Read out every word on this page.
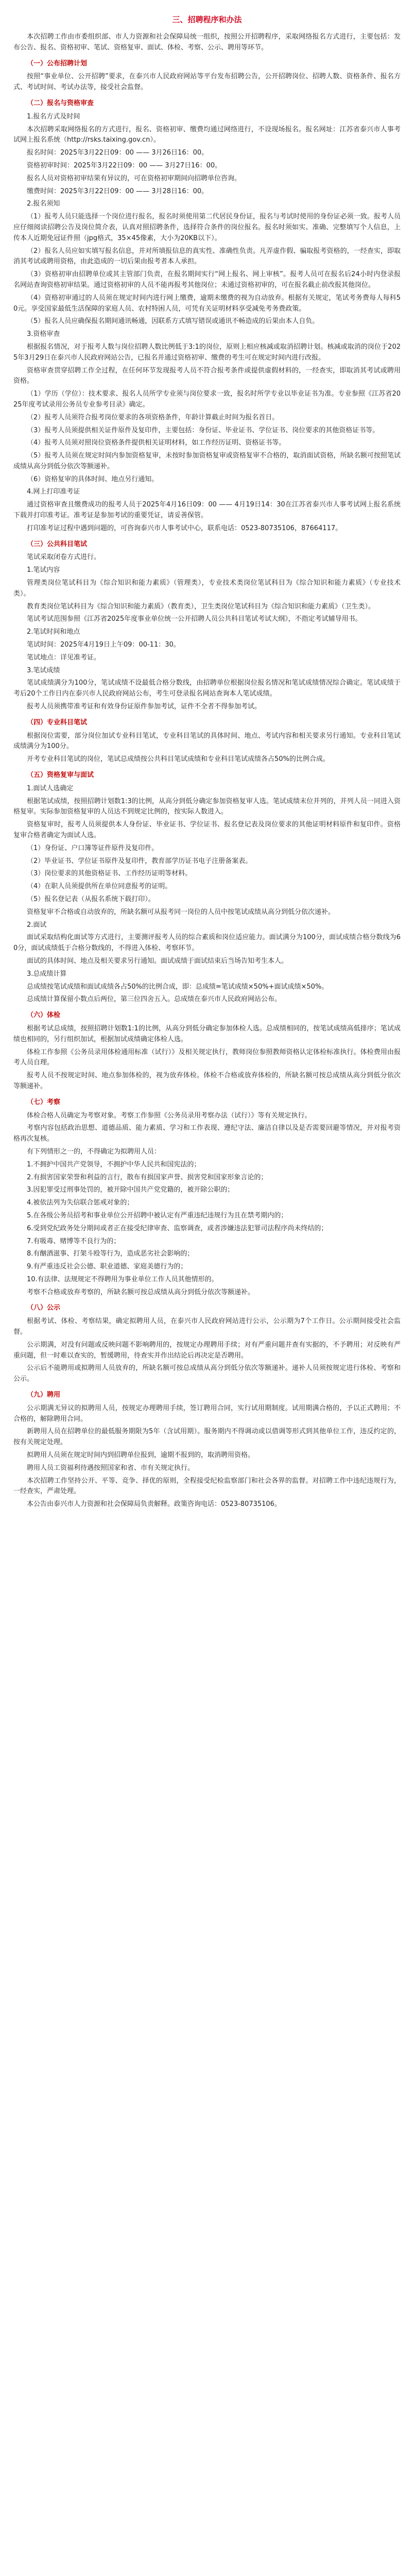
三、招聘程序和办法
本次招聘工作由市委组织部、市人力资源和社会保障局统一组织，按照公开招聘程序，采取网络报名方式进行，主要包括：发布公告、报名、资格初审、笔试、资格复审、面试、体检、考察、公示、聘用等环节。
（一）公布招聘计划
按照“事业单位、公开招聘”要求，在泰兴市人民政府网站等平台发布招聘公告，公开招聘岗位、招聘人数、资格条件、报名方式、考试时间、考试办法等，接受社会监督。
（二）报名与资格审查
1.报名方式及时间
本次招聘采取网络报名的方式进行，报名、资格初审、缴费均通过网络进行，不设现场报名。报名网址：江苏省泰兴市人事考试网上报名系统（http://rsks.taixing.gov.cn）。
报名时间：2025年3月22日09：00 —— 3月26日16：00。
资格初审时间：2025年3月22日09：00 —— 3月27日16：00。
报名人员对资格初审结果有异议的，可在资格初审期间向招聘单位咨询。
缴费时间：2025年3月22日09：00 —— 3月28日16：00。
2.报名须知
（1）报考人员只能选择一个岗位进行报名，报名时须使用第二代居民身份证，报名与考试时使用的身份证必须一致。报考人员应仔细阅读招聘公告及岗位简介表，认真对照招聘条件，选择符合条件的岗位报名。报名时须如实、准确、完整填写个人信息，上传本人近期免冠证件照（jpg格式，35×45像素，大小为20KB以下）。
（2）报名人员应如实填写报名信息，并对所填报信息的真实性、准确性负责。凡弄虚作假、骗取报考资格的，一经查实，即取消其考试或聘用资格，由此造成的一切后果由报考者本人承担。
（3）资格初审由招聘单位或其主管部门负责，在报名期间实行“网上报名、网上审核”。报考人员可在报名后24小时内登录报名网站查询资格初审结果。通过资格初审的人员不能再报考其他岗位；未通过资格初审的，可在报名截止前改报其他岗位。
（4）资格初审通过的人员须在规定时间内进行网上缴费，逾期未缴费的视为自动放弃。根据有关规定，笔试考务费每人每科50元。享受国家最低生活保障的家庭人员、农村特困人员，可凭有关证明材料享受减免考务费政策。
（5）报名人员应确保报名期间通讯畅通，因联系方式填写错误或通讯不畅造成的后果由本人自负。
3.资格审查
根据报名情况，对于报考人数与岗位招聘人数比例低于3:1的岗位，原则上相应核减或取消招聘计划。核减或取消的岗位于2025年3月29日在泰兴市人民政府网站公告，已报名并通过资格初审、缴费的考生可在规定时间内进行改报。
资格审查贯穿招聘工作全过程，在任何环节发现报考人员不符合报考条件或提供虚假材料的，一经查实，即取消其考试或聘用资格。
（1）学历（学位）：技术要求、报名人员所学专业须与岗位要求一致，报名时所学专业以毕业证书为准。专业参照《江苏省2025年度考试录用公务员专业参考目录》确定。
（2）报考人员须符合报考岗位要求的各项资格条件，年龄计算截止时间为报名首日。
（3）报考人员须提供相关证件原件及复印件，主要包括：身份证、毕业证书、学位证书、岗位要求的其他资格证书等。
（4）报考人员须对照岗位资格条件提供相关证明材料，如工作经历证明、资格证书等。
（5）报考人员须在规定时间内参加资格复审，未按时参加资格复审或资格复审不合格的，取消面试资格，所缺名额可按照笔试成绩从高分到低分依次等额递补。
（6）资格复审的具体时间、地点另行通知。
4.网上打印准考证
通过资格审查且缴费成功的报考人员于2025年4月16日09：00 —— 4月19日14：30在江苏省泰兴市人事考试网上报名系统下载并打印准考证。准考证是参加考试的重要凭证，请妥善保管。
打印准考证过程中遇到问题的，可咨询泰兴市人事考试中心，联系电话：0523-80735106，87664117。
（三）公共科目笔试
笔试采取闭卷方式进行。
1.笔试内容
管理类岗位笔试科目为《综合知识和能力素质》（管理类），专业技术类岗位笔试科目为《综合知识和能力素质》（专业技术类）。
教育类岗位笔试科目为《综合知识和能力素质》（教育类），卫生类岗位笔试科目为《综合知识和能力素质》（卫生类）。
笔试考试范围参照《江苏省2025年度事业单位统一公开招聘人员公共科目笔试考试大纲》，不指定考试辅导用书。
2.笔试时间和地点
笔试时间：2025年4月19日上午09：00-11：30。
笔试地点：详见准考证。
3.笔试成绩
笔试成绩满分为100分，笔试成绩不设最低合格分数线，由招聘单位根据岗位报名情况和笔试成绩情况综合确定。笔试成绩于考后20个工作日内在泰兴市人民政府网站公布，考生可登录报名网站查询本人笔试成绩。
报考人员须携带准考证和有效身份证原件参加考试，证件不全者不得参加考试。
（四）专业科目笔试
根据岗位需要，部分岗位加试专业科目笔试，专业科目笔试的具体时间、地点、考试内容和相关要求另行通知。专业科目笔试成绩满分为100分。
开考专业科目笔试的岗位，笔试总成绩按公共科目笔试成绩和专业科目笔试成绩各占50%的比例合成。
（五）资格复审与面试
1.面试人选确定
根据笔试成绩，按照招聘计划数1:3的比例，从高分到低分确定参加资格复审人选。笔试成绩末位并列的，并列人员一同进入资格复审。实际参加资格复审的人员达不到规定比例的，按实际人数进入。
资格复审时，报考人员须提供本人身份证、毕业证书、学位证书、报名登记表及岗位要求的其他证明材料原件和复印件。资格复审合格者确定为面试人选。
（1）身份证、户口簿等证件原件及复印件。
（2）毕业证书、学位证书原件及复印件，教育部学历证书电子注册备案表。
（3）岗位要求的其他资格证书、工作经历证明等材料。
（4）在职人员须提供所在单位同意报考的证明。
（5）报名登记表（从报名系统下载打印）。
资格复审不合格或自动放弃的，所缺名额可从报考同一岗位的人员中按笔试成绩从高分到低分依次递补。
2.面试
面试采取结构化面试等方式进行，主要测评报考人员的综合素质和岗位适应能力。面试满分为100分，面试成绩合格分数线为60分，面试成绩低于合格分数线的，不得进入体检、考察环节。
面试的具体时间、地点及相关要求另行通知。面试成绩于面试结束后当场告知考生本人。
3.总成绩计算
总成绩按笔试成绩和面试成绩各占50%的比例合成，即：总成绩=笔试成绩×50%+面试成绩×50%。
总成绩计算保留小数点后两位，第三位四舍五入。总成绩在泰兴市人民政府网站公布。
（六）体检
根据考试总成绩，按照招聘计划数1:1的比例，从高分到低分确定参加体检人选。总成绩相同的，按笔试成绩高低排序；笔试成绩也相同的，另行组织加试，根据加试成绩确定体检人选。
体检工作参照《公务员录用体检通用标准（试行）》及相关规定执行，教师岗位参照教师资格认定体检标准执行。体检费用由报考人员自理。
报考人员不按规定时间、地点参加体检的，视为放弃体检。体检不合格或放弃体检的，所缺名额可按总成绩从高分到低分依次等额递补。
（七）考察
体检合格人员确定为考察对象。考察工作参照《公务员录用考察办法（试行）》等有关规定执行。
考察内容包括政治思想、道德品质、能力素质、学习和工作表现、遵纪守法、廉洁自律以及是否需要回避等情况，并对报考资格再次复核。
有下列情形之一的，不得确定为拟聘用人员：
1.不拥护中国共产党领导，不拥护中华人民共和国宪法的；
2.有损害国家荣誉和利益的言行，散布有损国家声誉、损害党和国家形象言论的；
3.因犯罪受过刑事处罚的，被开除中国共产党党籍的，被开除公职的；
4.被依法列为失信联合惩戒对象的；
5.在各级公务员招考和事业单位公开招聘中被认定有严重违纪违规行为且在禁考期内的；
6.受到党纪政务处分期间或者正在接受纪律审查、监察调查，或者涉嫌违法犯罪司法程序尚未终结的；
7.有吸毒、赌博等不良行为的；
8.有酗酒滋事、打架斗殴等行为，造成恶劣社会影响的；
9.有严重违反社会公德、职业道德、家庭美德行为的；
10.有法律、法规规定不得聘用为事业单位工作人员其他情形的。
考察不合格或放弃考察的，所缺名额可按总成绩从高分到低分依次等额递补。
（八）公示
根据考试、体检、考察结果，确定拟聘用人员，在泰兴市人民政府网站进行公示，公示期为7个工作日。公示期间接受社会监督。
公示期满，对没有问题或反映问题不影响聘用的，按规定办理聘用手续；对有严重问题并查有实据的，不予聘用；对反映有严重问题，但一时难以查实的，暂缓聘用，待查实并作出结论后再决定是否聘用。
公示后不能聘用或拟聘用人员放弃的，所缺名额可按总成绩从高分到低分依次等额递补。递补人员须按规定进行体检、考察和公示。
（九）聘用
公示期满无异议的拟聘用人员，按规定办理聘用手续，签订聘用合同，实行试用期制度。试用期满合格的，予以正式聘用；不合格的，解除聘用合同。
新聘用人员在招聘单位的最低服务期限为5年（含试用期）。服务期内不得调动或以借调等形式到其他单位工作，违反约定的，按有关规定处理。
拟聘用人员须在规定时间内到招聘单位报到，逾期不报到的，取消聘用资格。
聘用人员工资福利待遇按照国家和省、市有关规定执行。
本次招聘工作坚持公开、平等、竞争、择优的原则，全程接受纪检监察部门和社会各界的监督。对招聘工作中违纪违规行为，一经查实，严肃处理。
本公告由泰兴市人力资源和社会保障局负责解释。政策咨询电话：0523-80735106。
